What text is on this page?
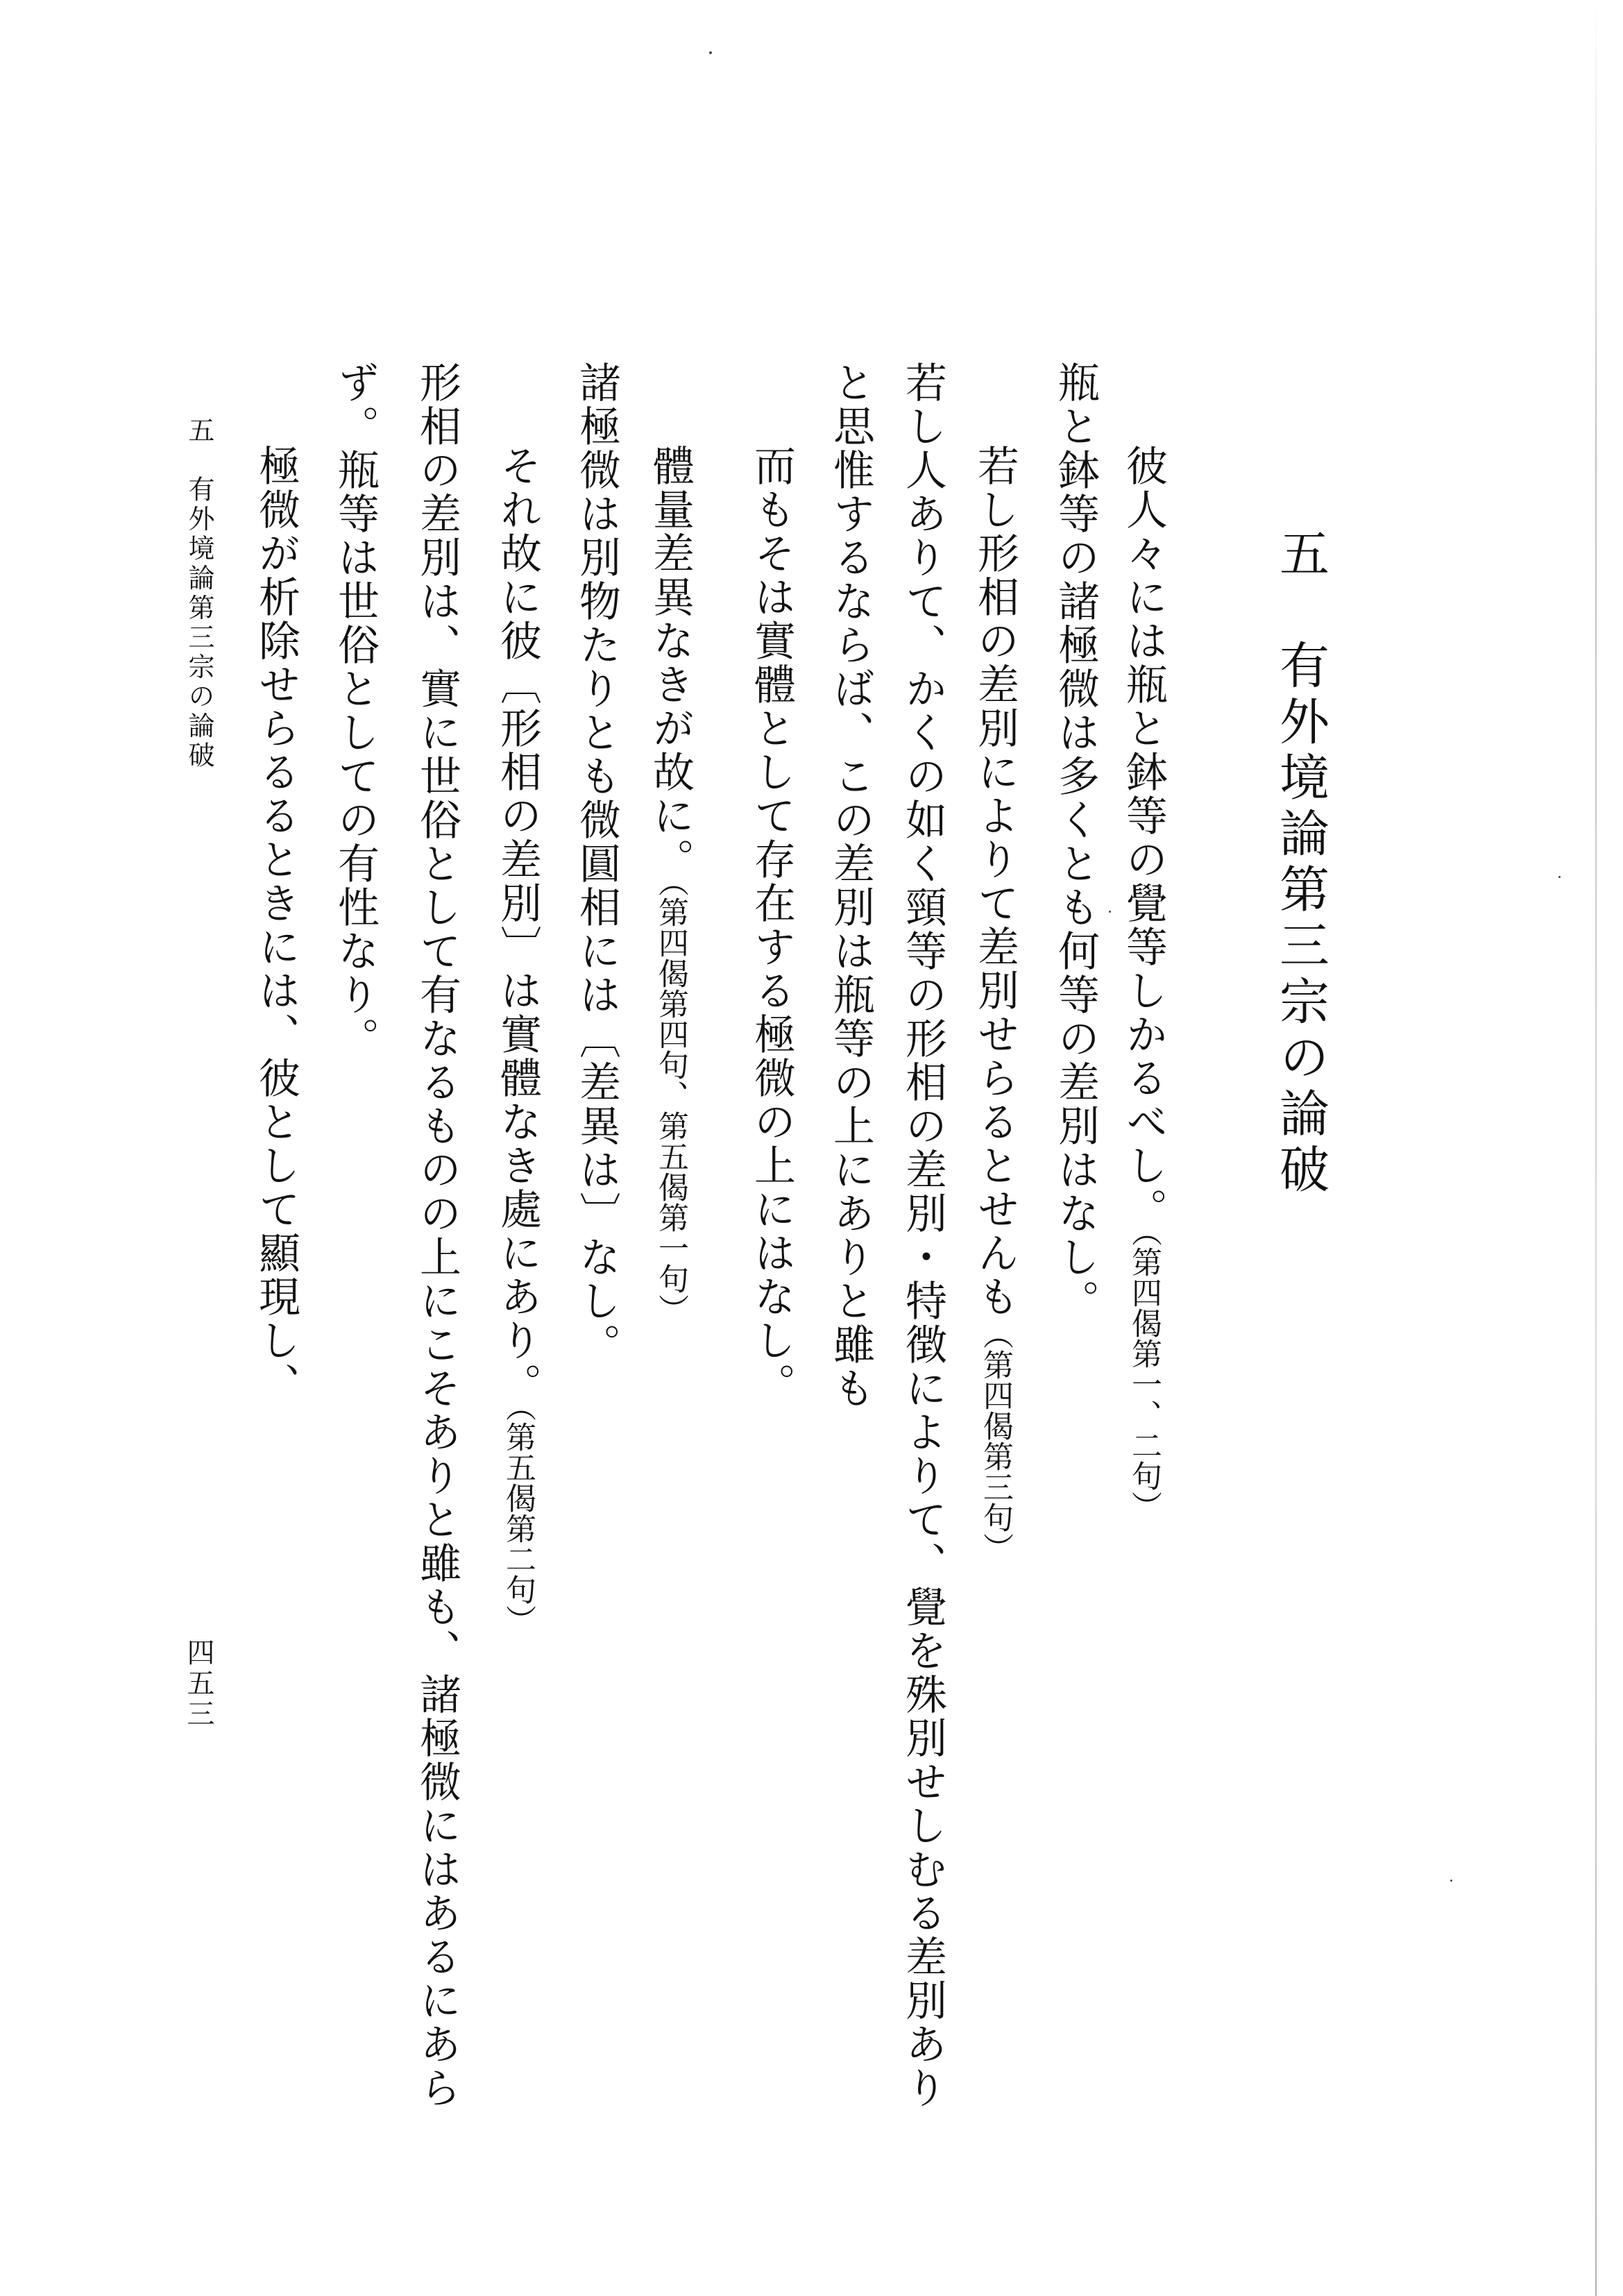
五　有外境論第三宗の論破
彼人々には瓶と鉢等の覺等しかるべし。（第四偈第一、二句）
瓶と鉢等の諸極微は多くとも何等の差別はなし。
若し形相の差別によりて差別せらるとせんも（第四偈第三句）
若し人ありて、かくの如く頸等の形相の差別・特徴によりて、覺を殊別せしむる差別あり
と思惟するならば、この差別は瓶等の上にありと雖も
而もそは實體として存在する極微の上にはなし。
體量差異なきが故に。（第四偈第四句、第五偈第一句）
諸極微は別物たりとも微圓相には〔差異は〕なし。
それ故に彼〔形相の差別〕は實體なき處にあり。（第五偈第二句）
形相の差別は、實に世俗として有なるものの上にこそありと雖も、諸極微にはあるにあら
ず。瓶等は世俗としての有性なり。
極微が析除せらるるときには、彼として顯現し、
五　有外境論第三宗の論破
四五三
